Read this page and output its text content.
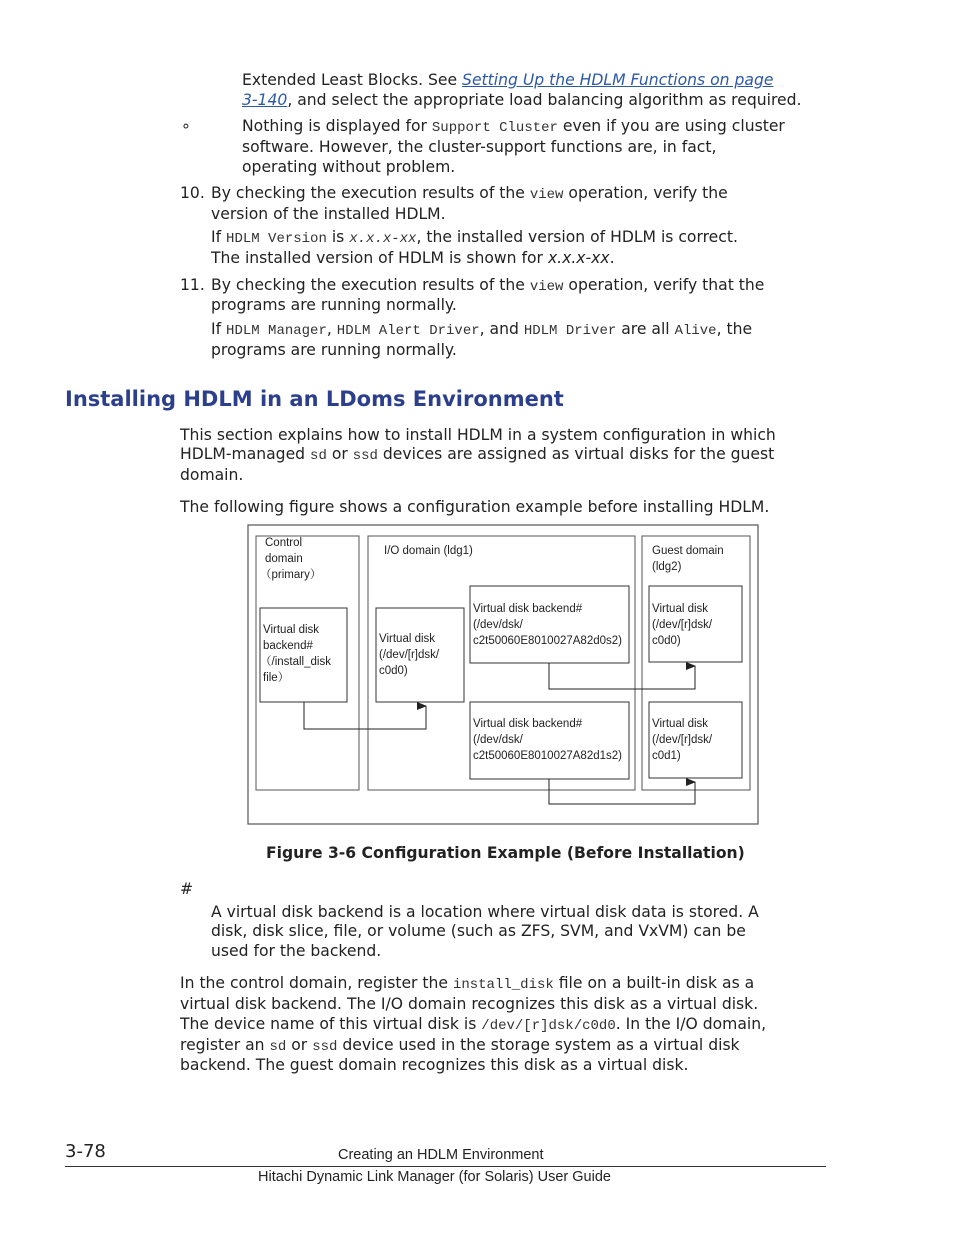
Extended Least Blocks. See Setting Up the HDLM Functions on page
3-140, and select the appropriate load balancing algorithm as required.
∘	Nothing is displayed for Support Cluster even if you are using cluster
software. However, the cluster-support functions are, in fact,
operating without problem.
10. By checking the execution results of the view operation, verify the
version of the installed HDLM.
If HDLM Version is x.x.x-xx, the installed version of HDLM is correct.
The installed version of HDLM is shown for x.x.x-xx.
11. By checking the execution results of the view operation, verify that the
programs are running normally.
If HDLM Manager, HDLM Alert Driver, and HDLM Driver are all Alive, the
programs are running normally.
Installing HDLM in an LDoms Environment
This section explains how to install HDLM in a system configuration in which
HDLM-managed sd or ssd devices are assigned as virtual disks for the guest
domain.
The following figure shows a configuration example before installing HDLM.
Control
domain
（primary）
Virtual disk
backend#
（/install_disk
file）
I/O domain (ldg1)
Virtual disk
(/dev/[r]dsk/
c0d0)
Virtual disk backend#
(/dev/dsk/
c2t50060E8010027A82d0s2)
Virtual disk backend#
(/dev/dsk/
c2t50060E8010027A82d1s2)
Guest domain
(ldg2)
Virtual disk
(/dev/[r]dsk/
c0d0)
Virtual disk
(/dev/[r]dsk/
c0d1)
Figure 3-6 Configuration Example (Before Installation)
#
A virtual disk backend is a location where virtual disk data is stored. A
disk, disk slice, file, or volume (such as ZFS, SVM, and VxVM) can be
used for the backend.
In the control domain, register the install_disk file on a built-in disk as a
virtual disk backend. The I/O domain recognizes this disk as a virtual disk.
The device name of this virtual disk is /dev/[r]dsk/c0d0. In the I/O domain,
register an sd or ssd device used in the storage system as a virtual disk
backend. The guest domain recognizes this disk as a virtual disk.
3-78	Creating an HDLM Environment
Hitachi Dynamic Link Manager (for Solaris) User Guide
